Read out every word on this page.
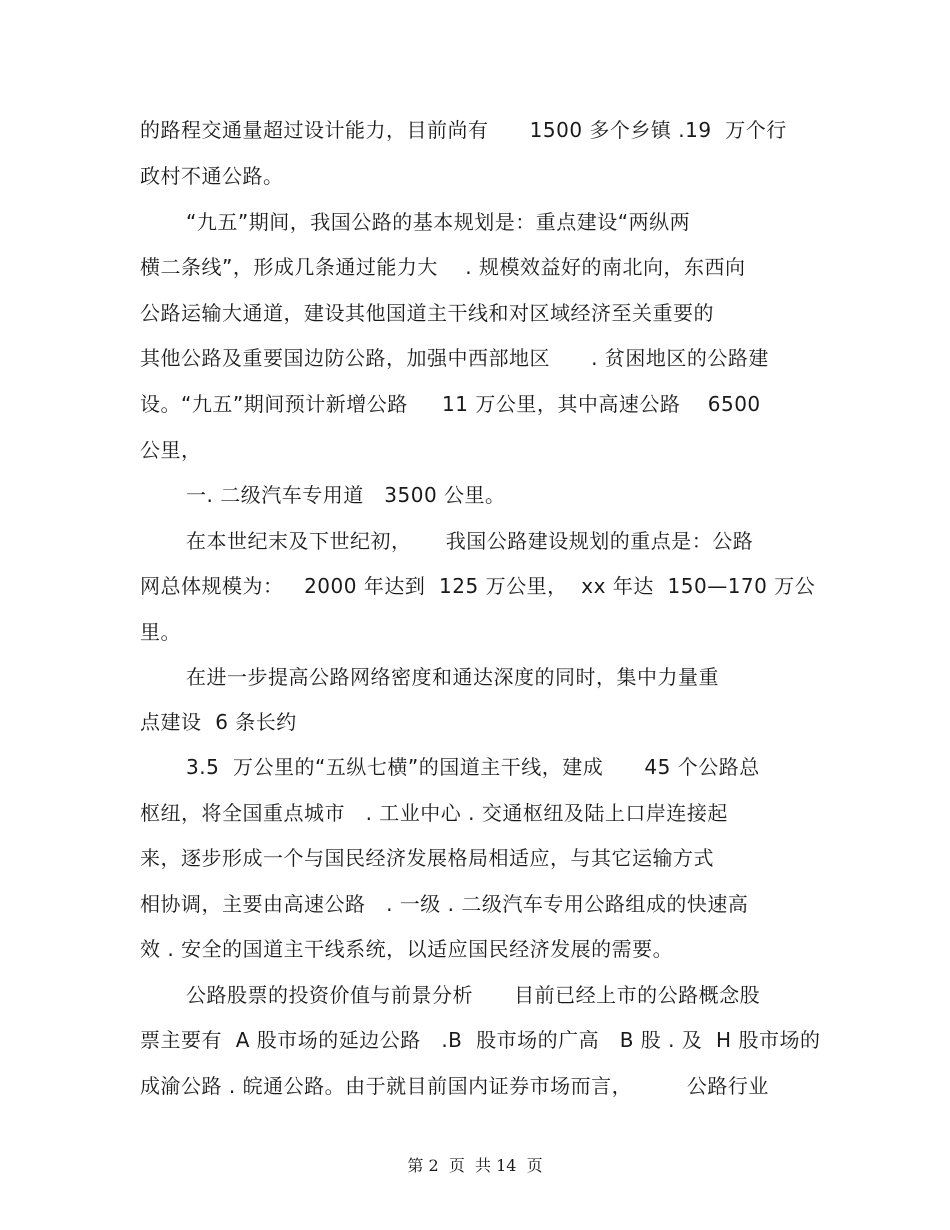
的路程交通量超过设计能力，目前尚有      1500 多个乡镇 .19  万个行
政村不通公路。
“九五”期间，我国公路的基本规划是：重点建设“两纵两
横二条线”，形成几条通过能力大    . 规模效益好的南北向，东西向
公路运输大通道，建设其他国道主干线和对区域经济至关重要的
其他公路及重要国边防公路，加强中西部地区      . 贫困地区的公路建
设。“九五”期间预计新增公路     11 万公里，其中高速公路    6500
公里，
一. 二级汽车专用道   3500 公里。
在本世纪末及下世纪初，     我国公路建设规划的重点是：公路
网总体规模为：   2000 年达到  125 万公里，  xx 年达  150—170 万公
里。
在进一步提高公路网络密度和通达深度的同时，集中力量重
点建设  6 条长约
3.5  万公里的“五纵七横”的国道主干线，建成      45 个公路总
枢纽，将全国重点城市   . 工业中心 . 交通枢纽及陆上口岸连接起
来，逐步形成一个与国民经济发展格局相适应，与其它运输方式
相协调，主要由高速公路   . 一级 . 二级汽车专用公路组成的快速高
效 . 安全的国道主干线系统，以适应国民经济发展的需要。
公路股票的投资价值与前景分析      目前已经上市的公路概念股
票主要有  A 股市场的延边公路   .B  股市场的广高   B 股 . 及  H 股市场的
成渝公路 . 皖通公路。由于就目前国内证券市场而言，        公路行业
第 2  页  共 14  页
